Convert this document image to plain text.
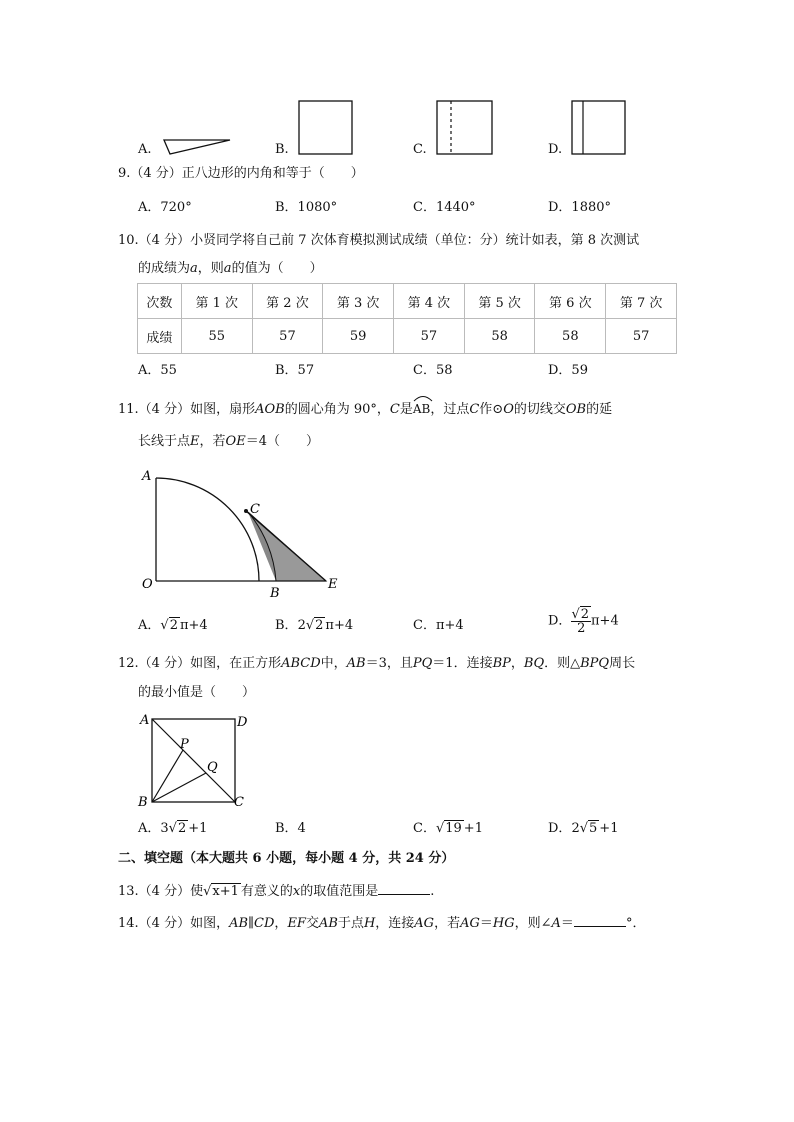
A.	B.	C.	D.
9.（4 分）正八边形的内角和等于（　　）
A．720°	B．1080°	C．1440°	D．1880°
10.（4 分）小贤同学将自己前 7 次体育模拟测试成绩（单位：分）统计如表，第 8 次测试
的成绩为a，则a的值为（　　）
次数	第 1 次	第 2 次	第 3 次	第 4 次	第 5 次	第 6 次	第 7 次
成绩	55	57	59	57	58	58	57
A．55	B．57	C．58	D．59
11.（4 分）如图，扇形AOB的圆心角为 90°，C是
AB，过点C作⊙O的切线交OB的延
长线于点E，若OE＝4（　　）
A
C
O
B
E
A．√2 π+4	B．2√2 π+4	C．π+4	D． $\frac{√2}{2} \pi+4$
12.（4 分）如图，在正方形ABCD中，AB＝3，且PQ＝1．连接BP，BQ．则△BPQ周长
的最小值是（　　）
A	D
P
Q
B	C
A．3√2 +1	B．4	C．√19 +1	D．2√5 +1
二、填空题（本大题共 6 小题，每小题 4 分，共 24 分）
13.（4 分）使√x+1 有意义的x的取值范围是	.
14.（4 分）如图，AB∥CD，EF交AB于点H，连接AG，若AG＝HG，则∠A＝	°．
